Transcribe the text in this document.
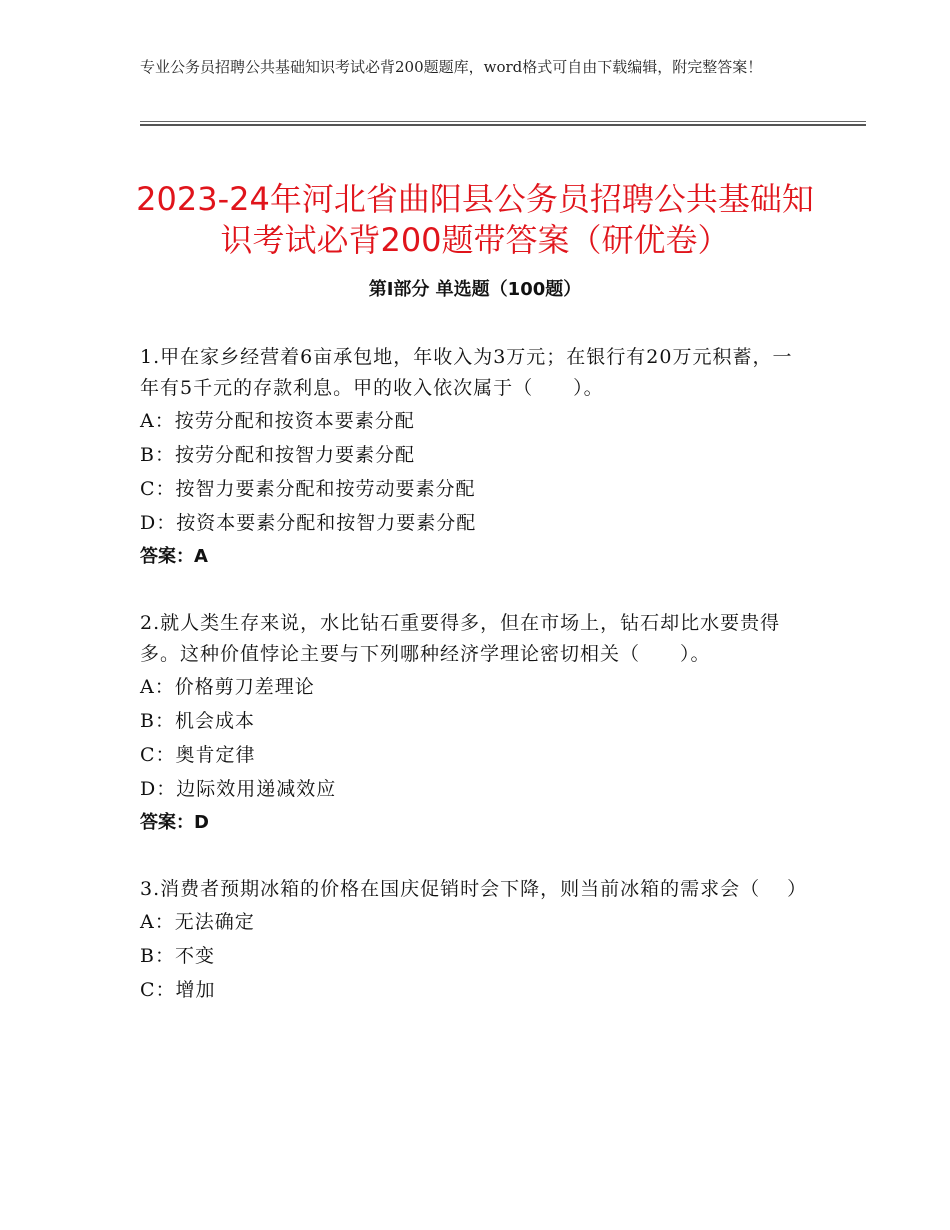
专业公务员招聘公共基础知识考试必背200题题库，word格式可自由下载编辑，附完整答案！
2023-24年河北省曲阳县公务员招聘公共基础知识考试必背200题带答案（研优卷）
第Ⅰ部分 单选题（100题）

1.甲在家乡经营着6亩承包地，年收入为3万元；在银行有20万元积蓄，一年有5千元的存款利息。甲的收入依次属于（　　）。

A：按劳分配和按资本要素分配

B：按劳分配和按智力要素分配

C：按智力要素分配和按劳动要素分配

D：按资本要素分配和按智力要素分配

答案：A

2.就人类生存来说，水比钻石重要得多，但在市场上，钻石却比水要贵得多。这种价值悖论主要与下列哪种经济学理论密切相关（　　）。

A：价格剪刀差理论

B：机会成本

C：奥肯定律

D：边际效用递减效应

答案：D

3.消费者预期冰箱的价格在国庆促销时会下降，则当前冰箱的需求会（　 ）

A：无法确定

B：不变

C：增加
